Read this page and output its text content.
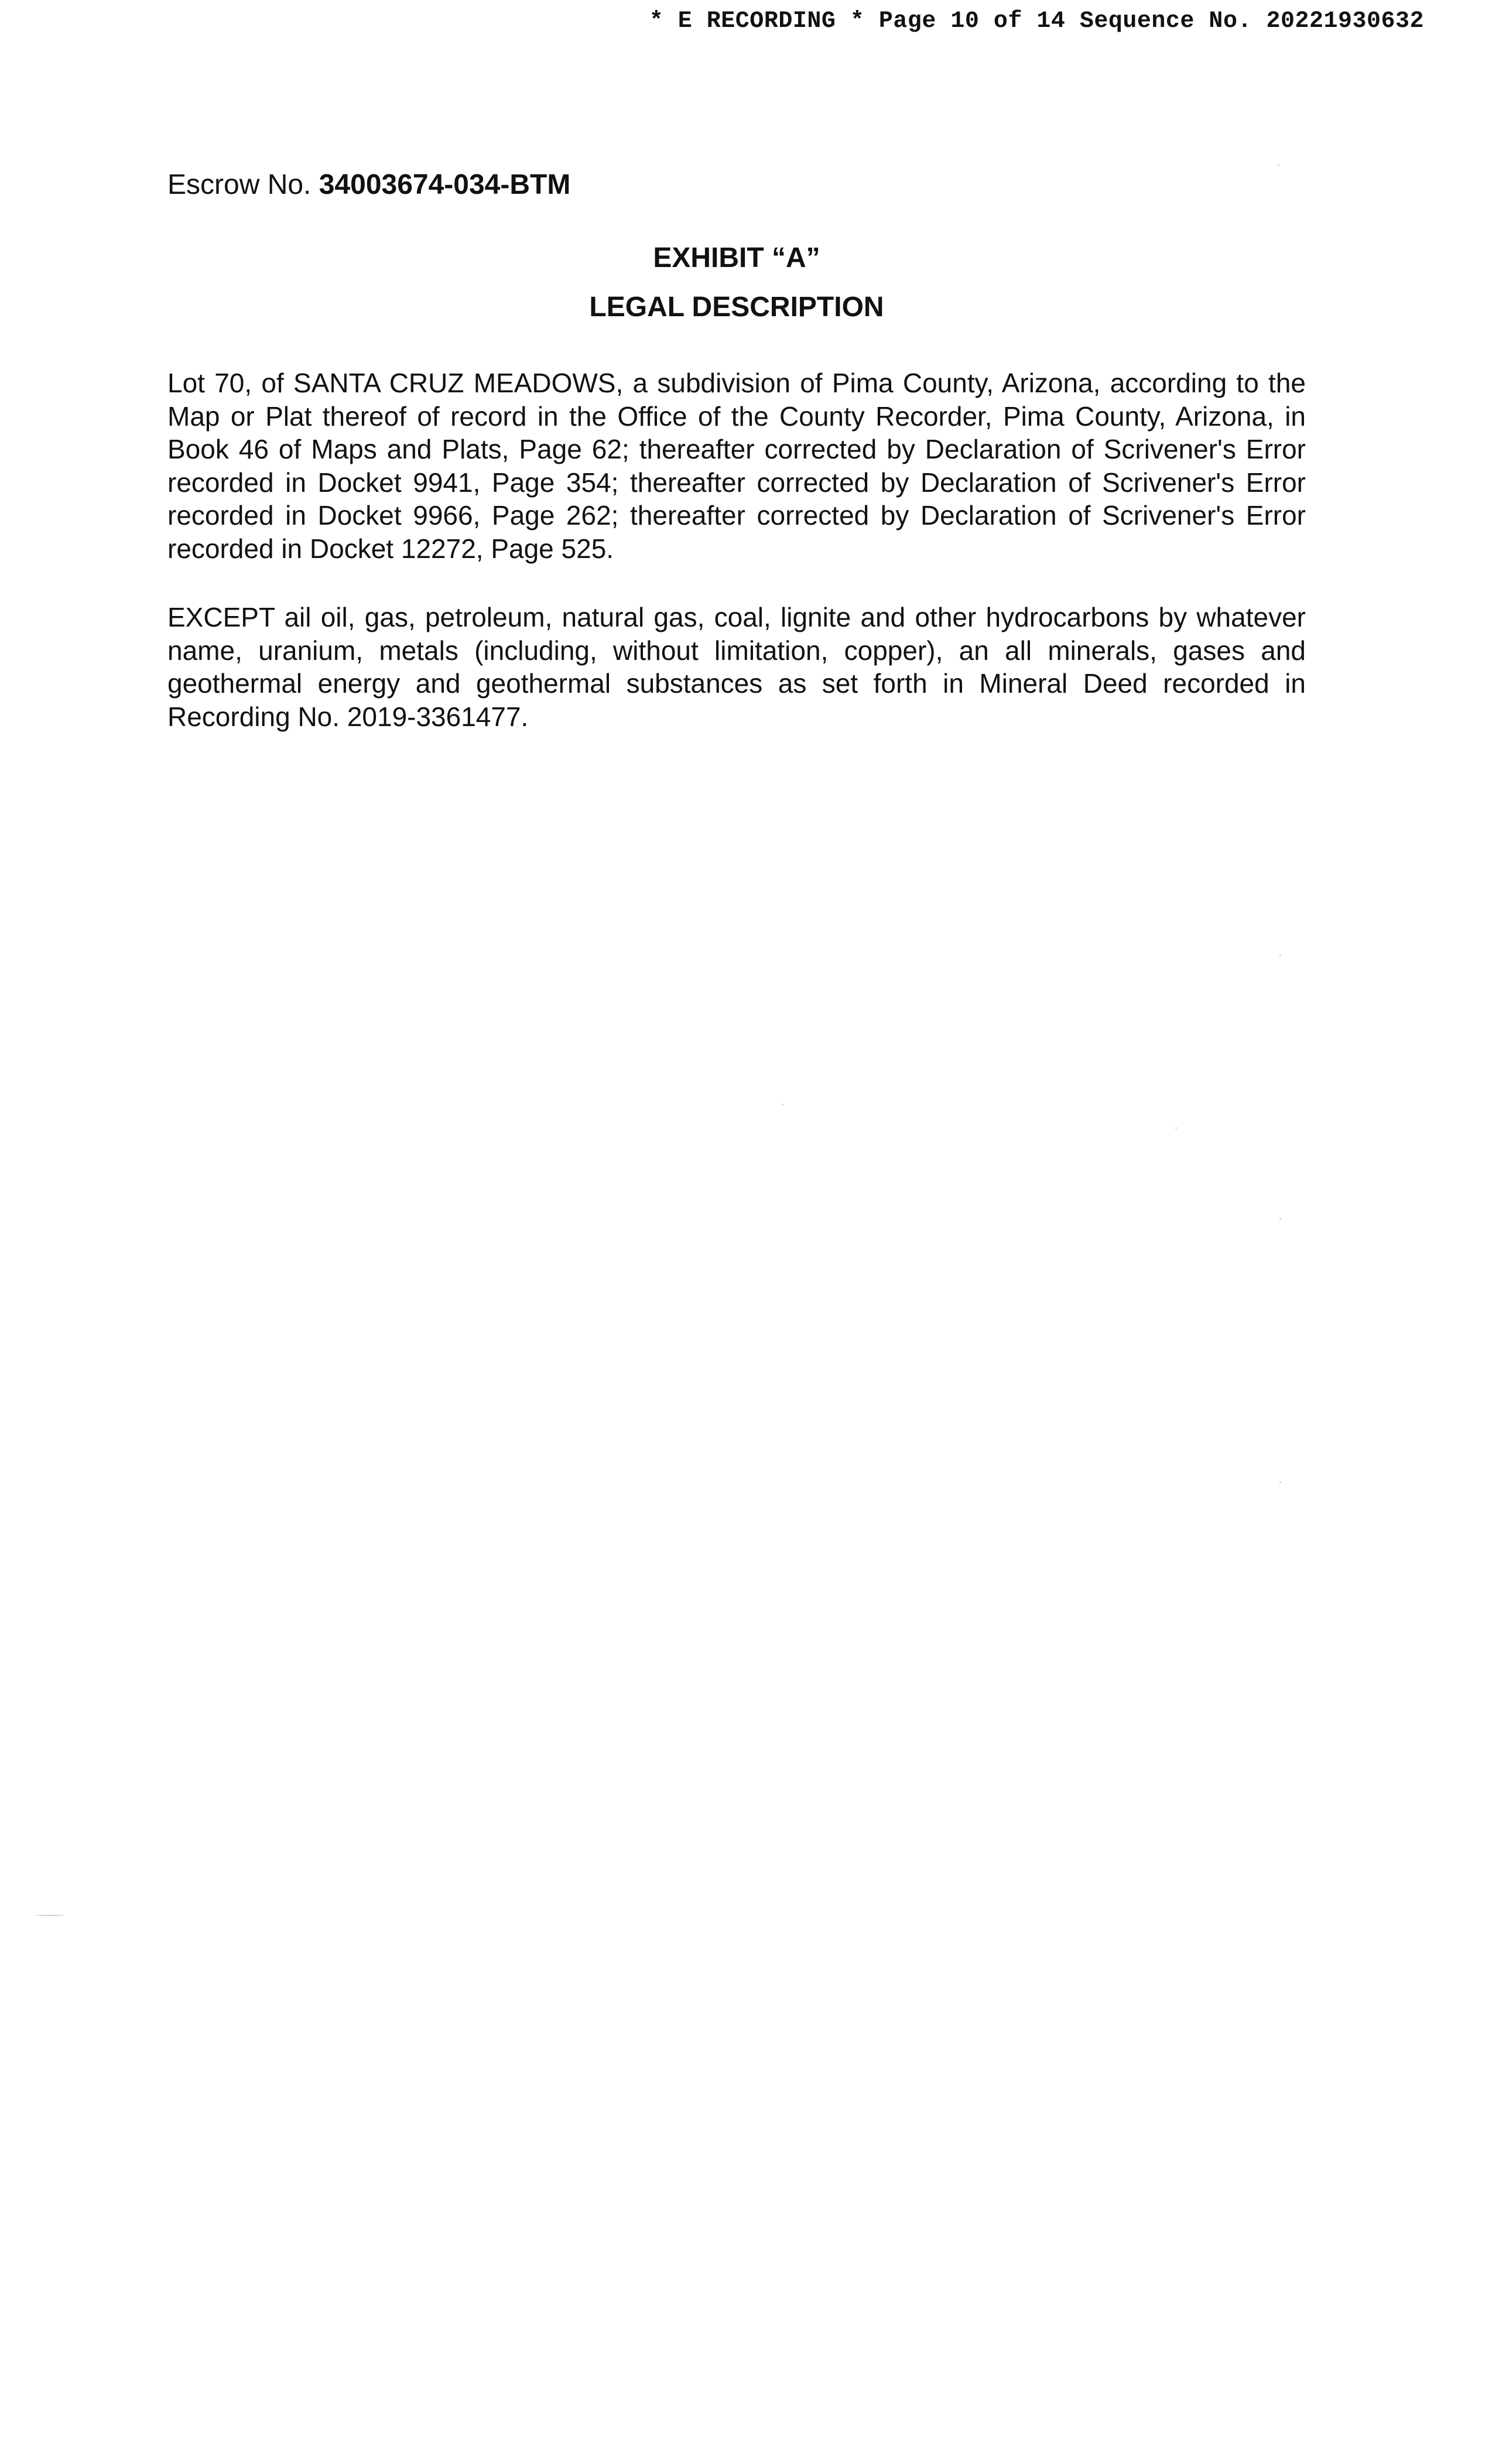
* E RECORDING * Page 10 of 14 Sequence No. 20221930632
Escrow No. 34003674-034-BTM
EXHIBIT “A”
LEGAL DESCRIPTION
Lot 70, of SANTA CRUZ MEADOWS, a subdivision of Pima County, Arizona, according to the Map or Plat thereof of record in the Office of the County Recorder, Pima County, Arizona, in Book 46 of Maps and Plats, Page 62; thereafter corrected by Declaration of Scrivener's Error recorded in Docket 9941, Page 354; thereafter corrected by Declaration of Scrivener's Error recorded in Docket 9966, Page 262; thereafter corrected by Declaration of Scrivener's Error recorded in Docket 12272, Page 525.
EXCEPT ail oil, gas, petroleum, natural gas, coal, lignite and other hydrocarbons by whatever name, uranium, metals (including, without limitation, copper), an all minerals, gases and geothermal energy and geothermal substances as set forth in Mineral Deed recorded in Recording No. 2019-3361477.
